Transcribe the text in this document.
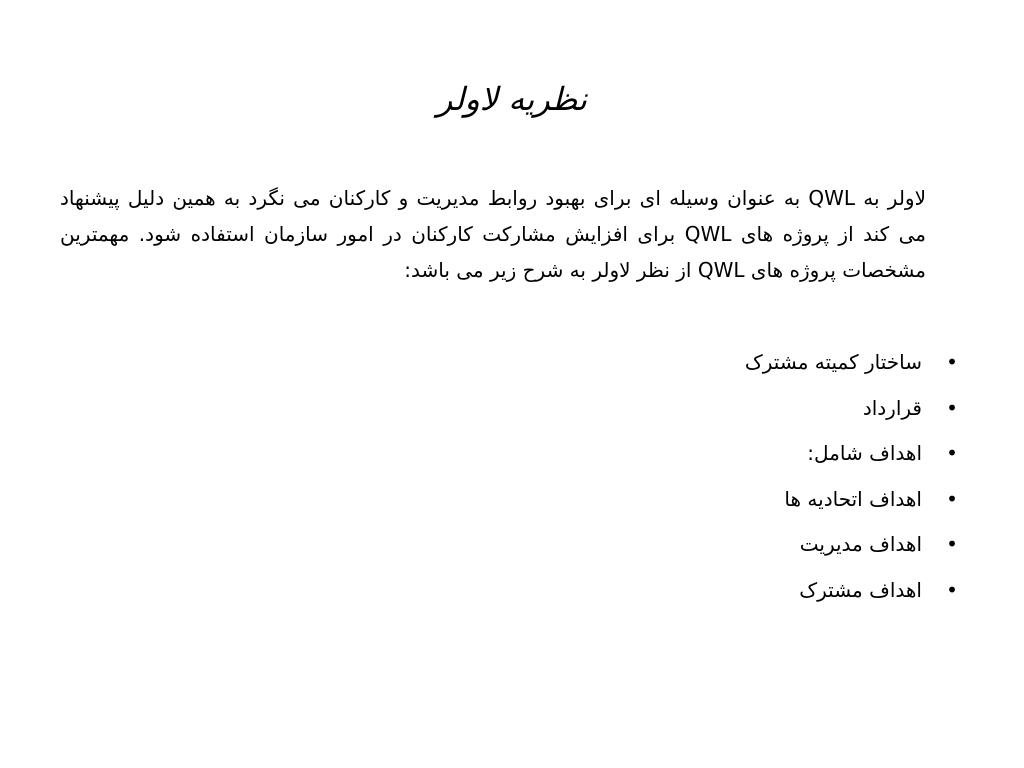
نظریه لاولر
لاولر به QWL به عنوان وسیله ای برای بهبود روابط مدیریت و کارکنان می نگرد به همین دلیل پیشنهاد می کند از پروژه های QWL برای افزایش مشارکت کارکنان در امور سازمان استفاده شود. مهمترین مشخصات پروژه های QWL از نظر لاولر به شرح زیر می باشد:
•
ساختار کمیته مشترک
•
قرارداد
•
اهداف شامل:
•
اهداف اتحادیه ها
•
اهداف مدیریت
•
اهداف مشترک
